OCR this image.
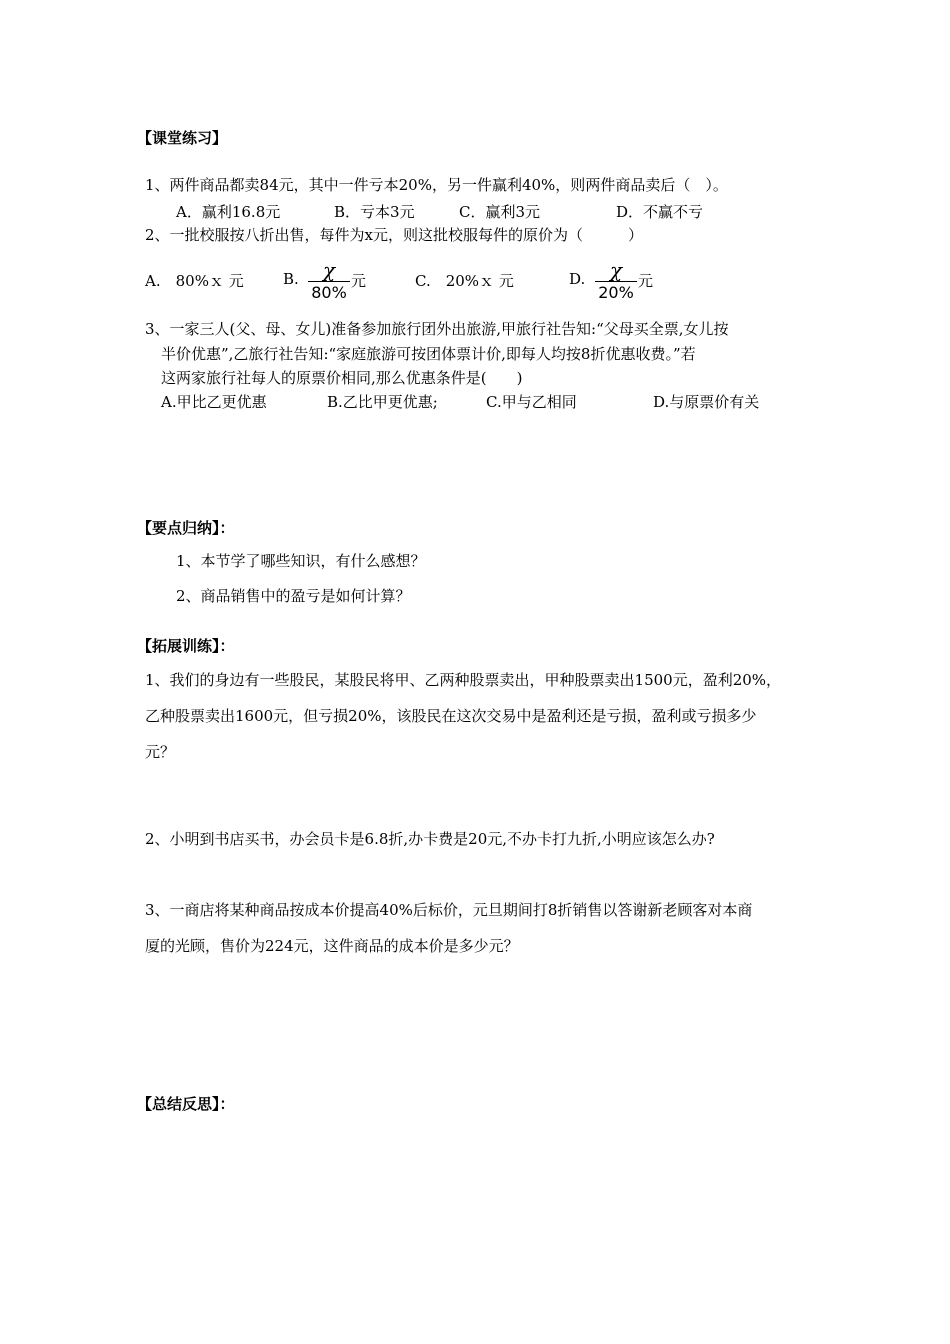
【课堂练习】
1、两件商品都卖84元，其中一件亏本20%，另一件赢利40%，则两件商品卖后（　）。
A．赢利16.8元	B．亏本3元	C．赢利3元	D．不赢不亏
2、一批校服按八折出售，每件为x元，则这批校服每件的原价为（　　　）
A.　80%ｘ 元	B. χ
80%
元	C.　20%ｘ 元	D. χ
20%
元
3、一家三人(父、母、女儿)准备参加旅行团外出旅游,甲旅行社告知:“父母买全票,女儿按
半价优惠”,乙旅行社告知:“家庭旅游可按团体票计价,即每人均按8折优惠收费。”若
这两家旅行社每人的原票价相同,那么优惠条件是(　　)
A.甲比乙更优惠	B.乙比甲更优惠;	C.甲与乙相同	D.与原票价有关
【要点归纳】：
1、本节学了哪些知识，有什么感想？
2、商品销售中的盈亏是如何计算？
【拓展训练】：
1、我们的身边有一些股民，某股民将甲、乙两种股票卖出，甲种股票卖出1500元，盈利20%，
乙种股票卖出1600元，但亏损20%，该股民在这次交易中是盈利还是亏损，盈利或亏损多少
元？
2、小明到书店买书，办会员卡是6.8折,办卡费是20元,不办卡打九折,小明应该怎么办?
3、一商店将某种商品按成本价提高40%后标价，元旦期间打8折销售以答谢新老顾客对本商
厦的光顾，售价为224元，这件商品的成本价是多少元？
【总结反思】：
